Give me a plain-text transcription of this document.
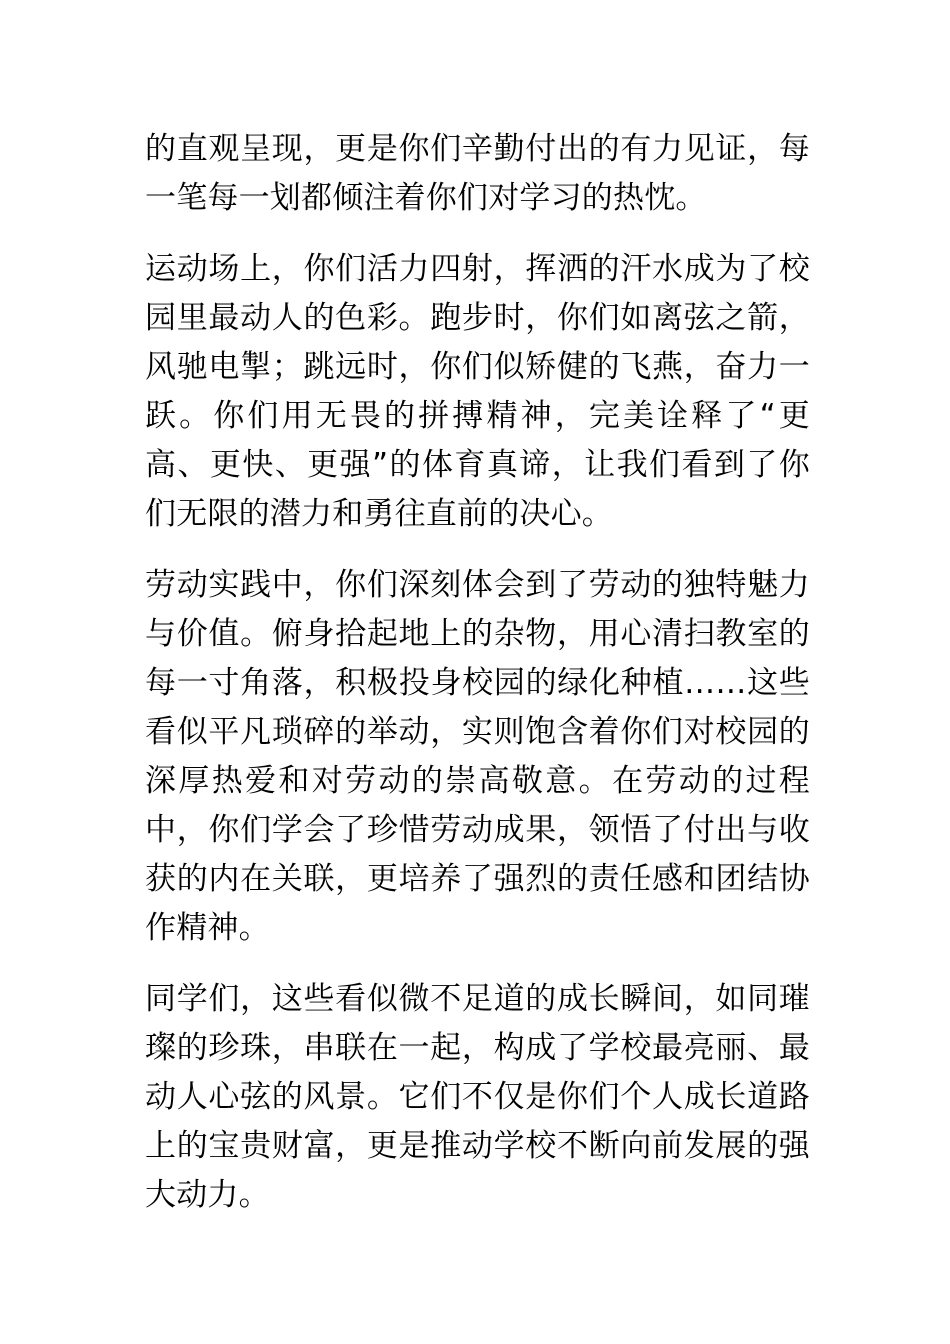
的直观呈现，更是你们辛勤付出的有力见证，每一笔每一划都倾注着你们对学习的热忱。

运动场上，你们活力四射，挥洒的汗水成为了校园里最动人的色彩。跑步时，你们如离弦之箭，风驰电掣；跳远时，你们似矫健的飞燕，奋力一跃。你们用无畏的拼搏精神，完美诠释了“更高、更快、更强”的体育真谛，让我们看到了你们无限的潜力和勇往直前的决心。

劳动实践中，你们深刻体会到了劳动的独特魅力与价值。俯身拾起地上的杂物，用心清扫教室的每一寸角落，积极投身校园的绿化种植……这些看似平凡琐碎的举动，实则饱含着你们对校园的深厚热爱和对劳动的崇高敬意。在劳动的过程中，你们学会了珍惜劳动成果，领悟了付出与收获的内在关联，更培养了强烈的责任感和团结协作精神。

同学们，这些看似微不足道的成长瞬间，如同璀璨的珍珠，串联在一起，构成了学校最亮丽、最动人心弦的风景。它们不仅是你们个人成长道路上的宝贵财富，更是推动学校不断向前发展的强大动力。
